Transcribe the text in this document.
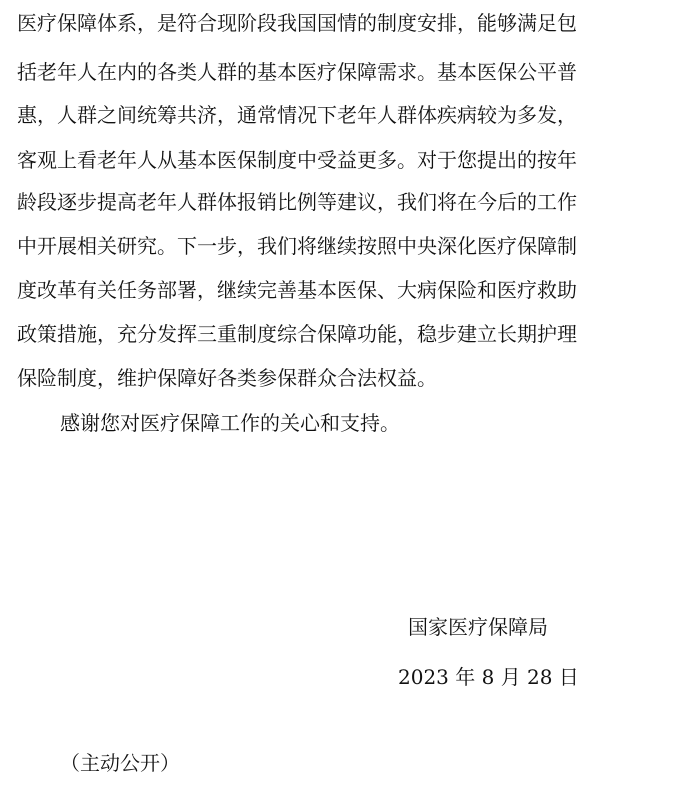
医疗保障体系，是符合现阶段我国国情的制度安排，能够满足包

括老年人在内的各类人群的基本医疗保障需求。基本医保公平普

惠，人群之间统筹共济，通常情况下老年人群体疾病较为多发，

客观上看老年人从基本医保制度中受益更多。对于您提出的按年

龄段逐步提高老年人群体报销比例等建议，我们将在今后的工作

中开展相关研究。下一步，我们将继续按照中央深化医疗保障制

度改革有关任务部署，继续完善基本医保、大病保险和医疗救助

政策措施，充分发挥三重制度综合保障功能，稳步建立长期护理

保险制度，维护保障好各类参保群众合法权益。

感谢您对医疗保障工作的关心和支持。

国家医疗保障局
2023 年 8 月 28 日
（主动公开）
